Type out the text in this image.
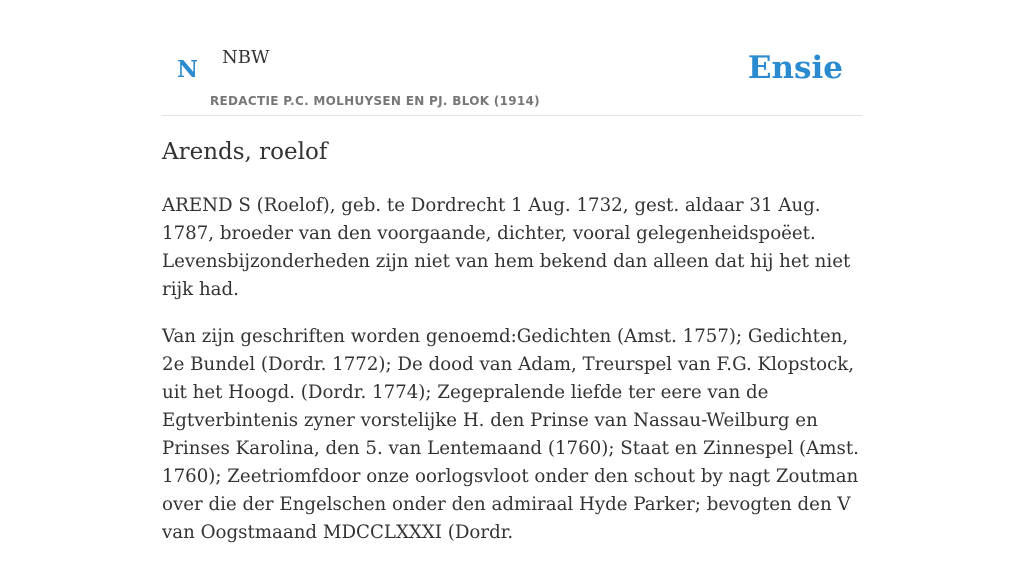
N NBW
REDACTIE P.C. MOLHUYSEN EN PJ. BLOK (1914)
Ensie
Arends, roelof

AREND S (Roelof), geb. te Dordrecht 1 Aug. 1732, gest. aldaar 31 Aug. 1787, broeder van den voorgaande, dichter, vooral gelegenheidspoëet. Levensbijzonderheden zijn niet van hem bekend dan alleen dat hij het niet rijk had.

Van zijn geschriften worden genoemd:Gedichten (Amst. 1757); Gedichten, 2e Bundel (Dordr. 1772); De dood van Adam, Treurspel van F.G. Klopstock, uit het Hoogd. (Dordr. 1774); Zegepralende liefde ter eere van de Egtverbintenis zyner vorstelijke H. den Prinse van Nassau-Weilburg en Prinses Karolina, den 5. van Lentemaand (1760); Staat en Zinnespel (Amst. 1760); Zeetriomfdoor onze oorlogsvloot onder den schout by nagt Zoutman over die der Engelschen onder den admiraal Hyde Parker; bevogten den V van Oogstmaand MDCCLXXXI (Dordr.
